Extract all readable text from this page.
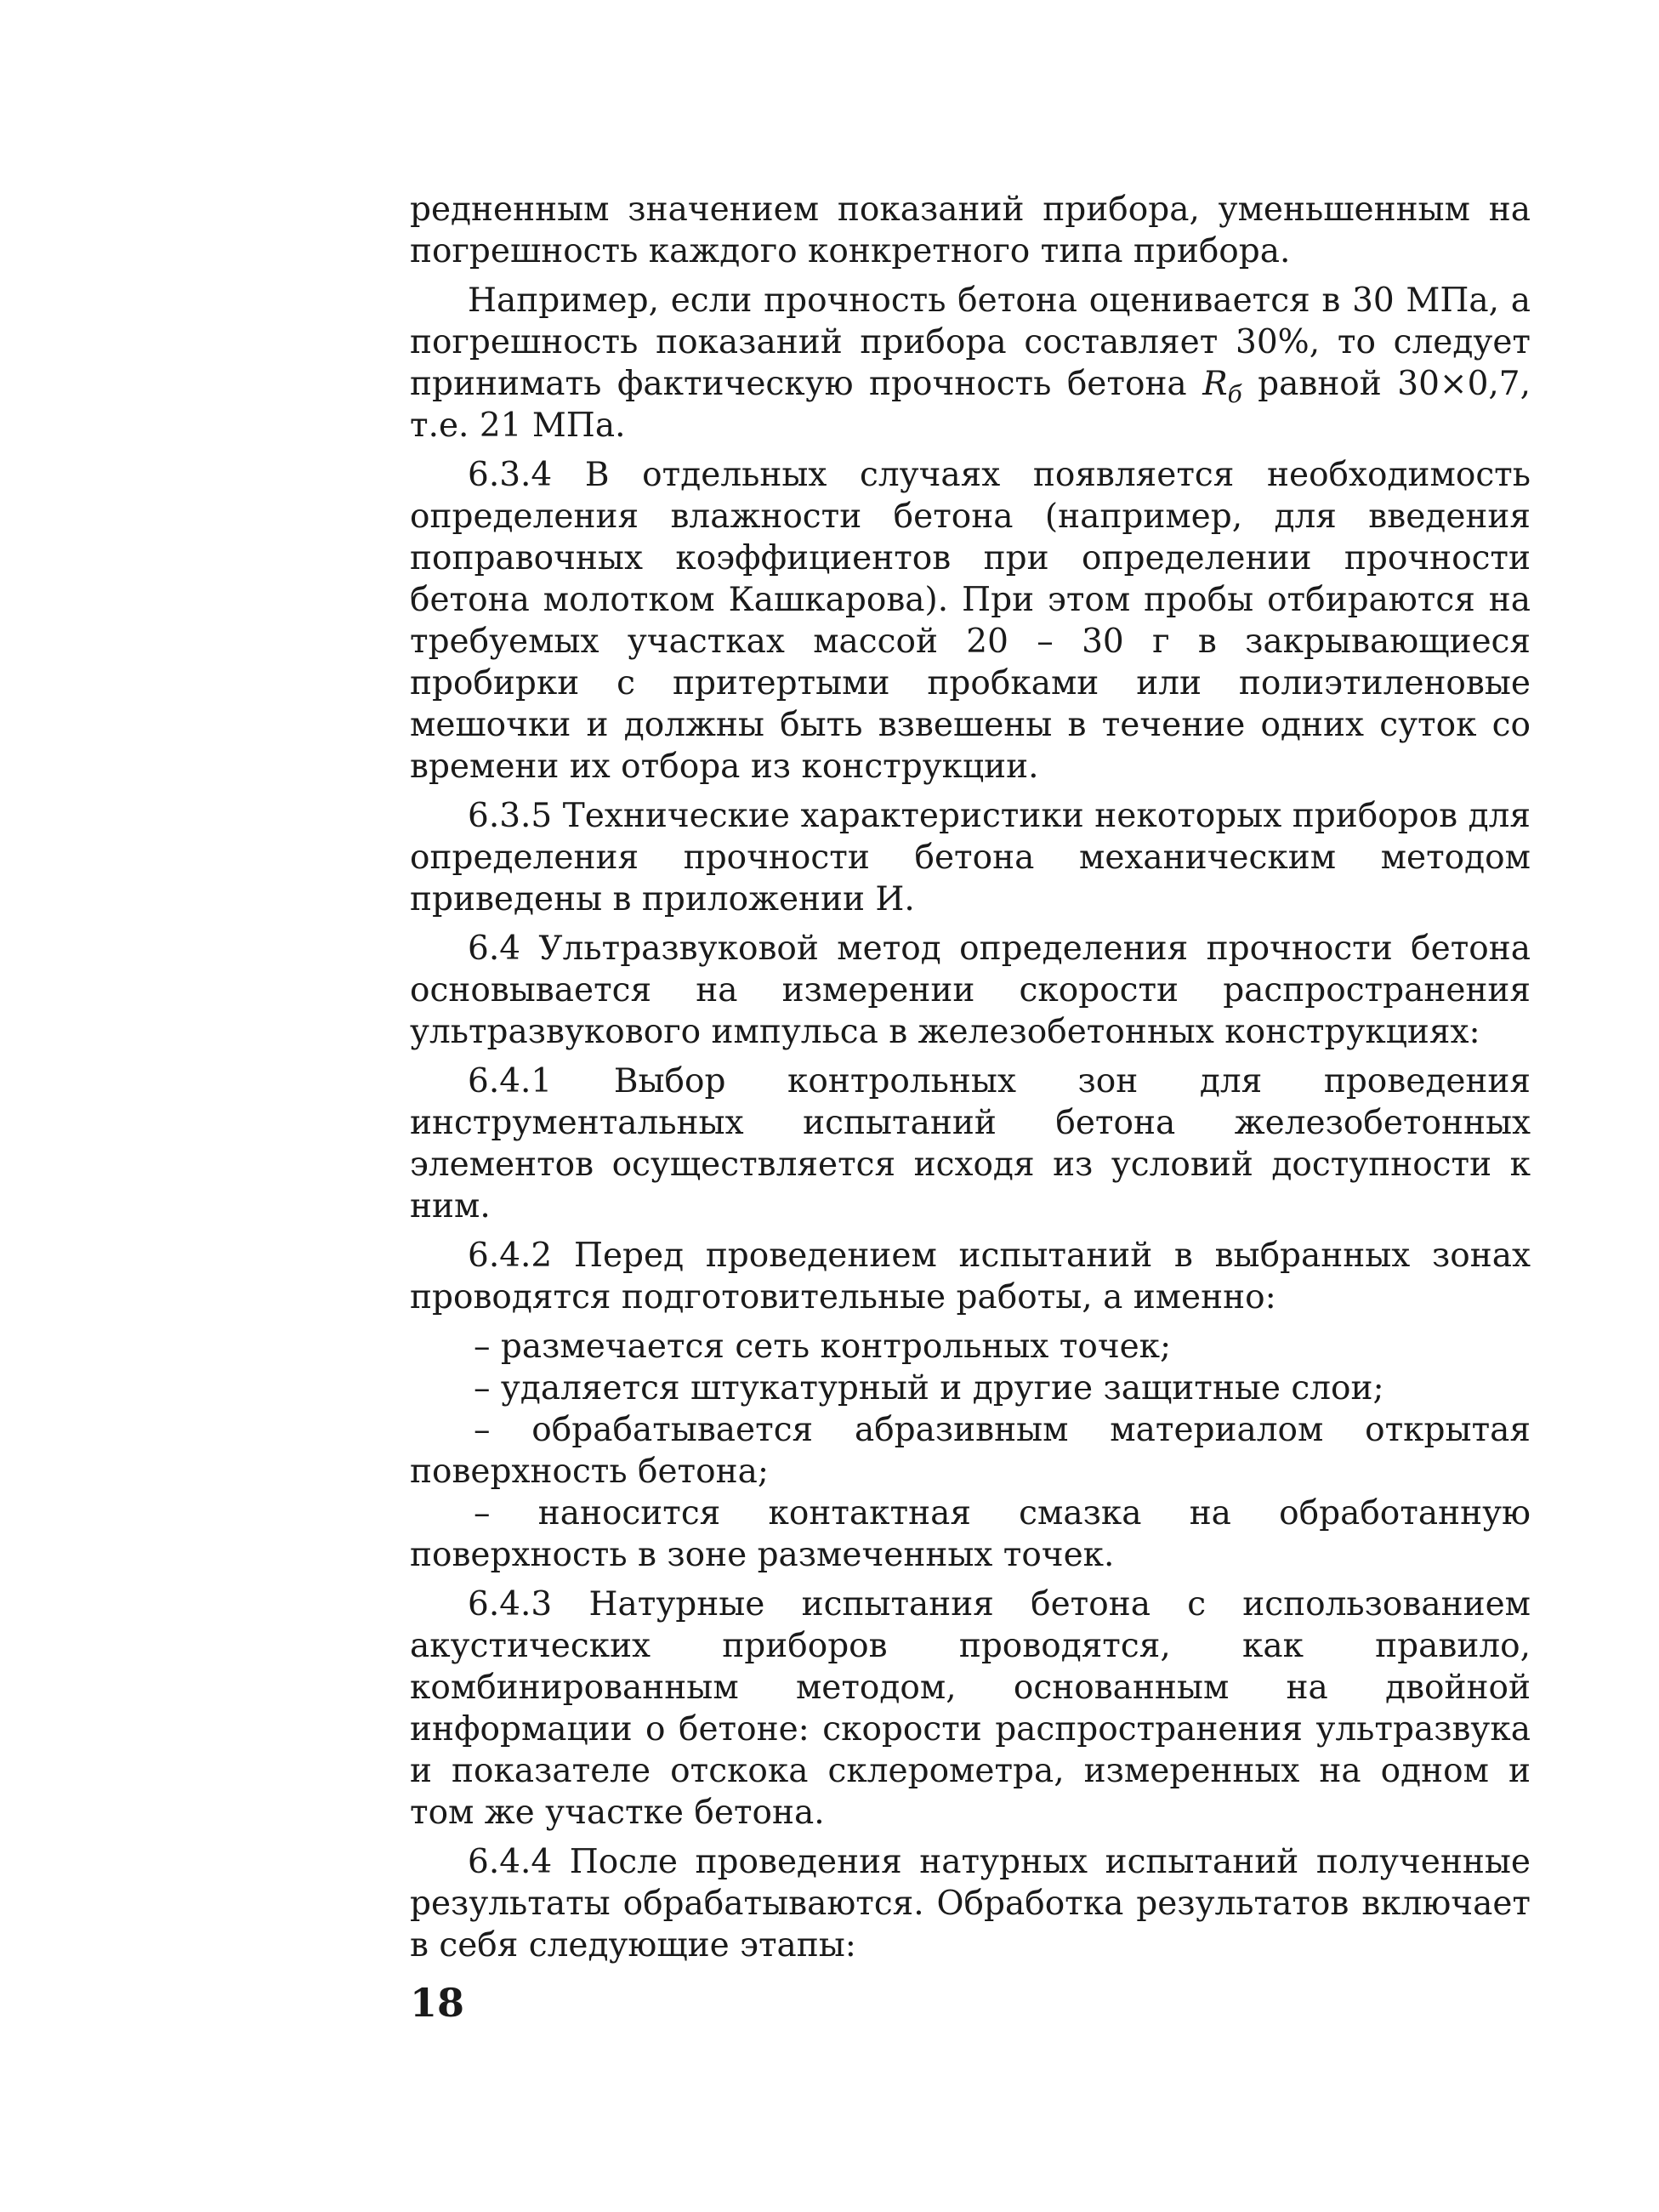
редненным значением показаний прибора, уменьшенным на погрешность каждого конкретного типа прибора.

Например, если прочность бетона оценивается в 30 МПа, а погрешность показаний прибора составляет 30%, то следует принимать фактическую прочность бетона $R_б$ равной 30×0,7, т.е. 21 МПа.

6.3.4 В отдельных случаях появляется необходимость определения влажности бетона (например, для введения поправочных коэффициентов при определении прочности бетона молотком Кашкарова). При этом пробы отбираются на требуемых участках массой 20 – 30 г в закрывающиеся пробирки с притертыми пробками или полиэтиленовые мешочки и должны быть взвешены в течение одних суток со времени их отбора из конструкции.

6.3.5 Технические характеристики некоторых приборов для определения прочности бетона механическим методом приведены в приложении И.

6.4 Ультразвуковой метод определения прочности бетона основывается на измерении скорости распространения ультразвукового импульса в железобетонных конструкциях:

6.4.1 Выбор контрольных зон для проведения инструментальных испытаний бетона железобетонных элементов осуществляется исходя из условий доступности к ним.

6.4.2 Перед проведением испытаний в выбранных зонах проводятся подготовительные работы, а именно:

– размечается сеть контрольных точек;

– удаляется штукатурный и другие защитные слои;

– обрабатывается абразивным материалом открытая поверхность бетона;

– наносится контактная смазка на обработанную поверхность в зоне размеченных точек.

6.4.3 Натурные испытания бетона с использованием акустических приборов проводятся, как правило, комбинированным методом, основанным на двойной информации о бетоне: скорости распространения ультразвука и показателе отскока склерометра, измеренных на одном и том же участке бетона.

6.4.4 После проведения натурных испытаний полученные результаты обрабатываются. Обработка результатов включает в себя следующие этапы:

18
